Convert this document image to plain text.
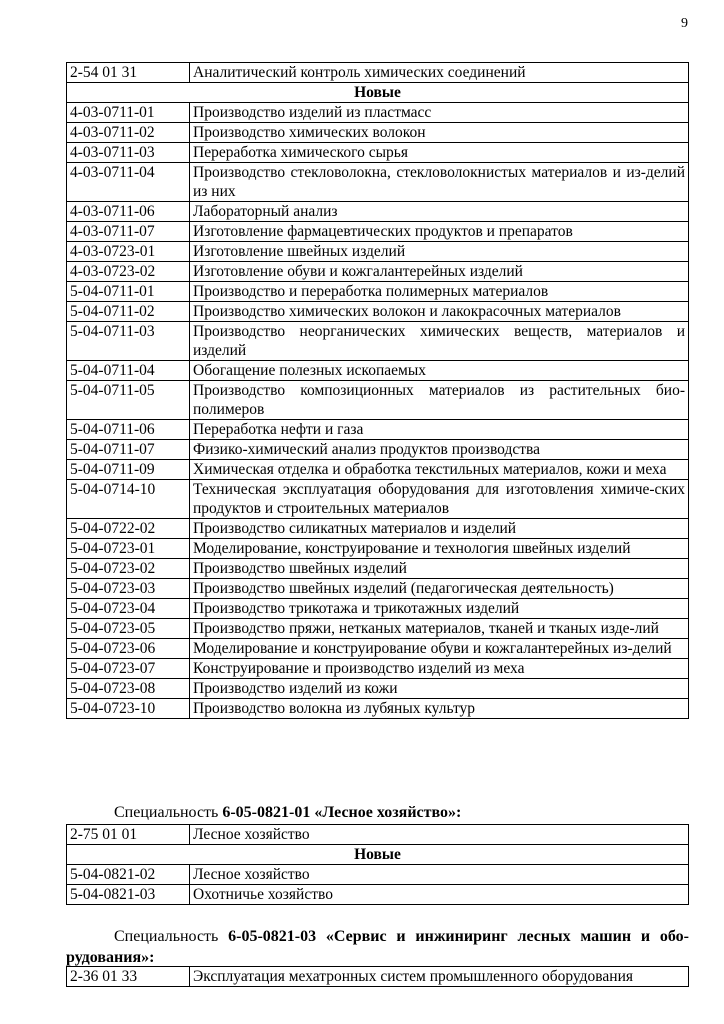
9
2-54 01 31	Аналитический контроль химических соединений
Новые	
4-03-0711-01	Производство изделий из пластмасс
4-03-0711-02	Производство химических волокон
4-03-0711-03	Переработка химического сырья
4-03-0711-04	Производство стекловолокна, стекловолокнистых материалов и из-делий из них
4-03-0711-06	Лабораторный анализ
4-03-0711-07	Изготовление фармацевтических продуктов и препаратов
4-03-0723-01	Изготовление швейных изделий
4-03-0723-02	Изготовление обуви и кожгалантерейных изделий
5-04-0711-01	Производство и переработка полимерных материалов
5-04-0711-02	Производство химических волокон и лакокрасочных материалов
5-04-0711-03	Производство неорганических химических веществ, материалов и изделий
5-04-0711-04	Обогащение полезных ископаемых
5-04-0711-05	Производство композиционных материалов из растительных био-полимеров
5-04-0711-06	Переработка нефти и газа
5-04-0711-07	Физико-химический анализ продуктов производства
5-04-0711-09	Химическая отделка и обработка текстильных материалов, кожи и меха
5-04-0714-10	Техническая эксплуатация оборудования для изготовления химиче-ских продуктов и строительных материалов
5-04-0722-02	Производство силикатных материалов и изделий
5-04-0723-01	Моделирование, конструирование и технология швейных изделий
5-04-0723-02	Производство швейных изделий
5-04-0723-03	Производство швейных изделий (педагогическая деятельность)
5-04-0723-04	Производство трикотажа и трикотажных изделий
5-04-0723-05	Производство пряжи, нетканых материалов, тканей и тканых изде-лий
5-04-0723-06	Моделирование и конструирование обуви и кожгалантерейных из-делий
5-04-0723-07	Конструирование и производство изделий из меха
5-04-0723-08	Производство изделий из кожи
5-04-0723-10	Производство волокна из лубяных культур
Специальность 6-05-0821-01 «Лесное хозяйство»:
2-75 01 01	Лесное хозяйство
Новые	
5-04-0821-02	Лесное хозяйство
5-04-0821-03	Охотничье хозяйство
Специальность 6-05-0821-03 «Сервис и инжиниринг лесных машин и обо-рудования»:
2-36 01 33	Эксплуатация мехатронных систем промышленного оборудования
